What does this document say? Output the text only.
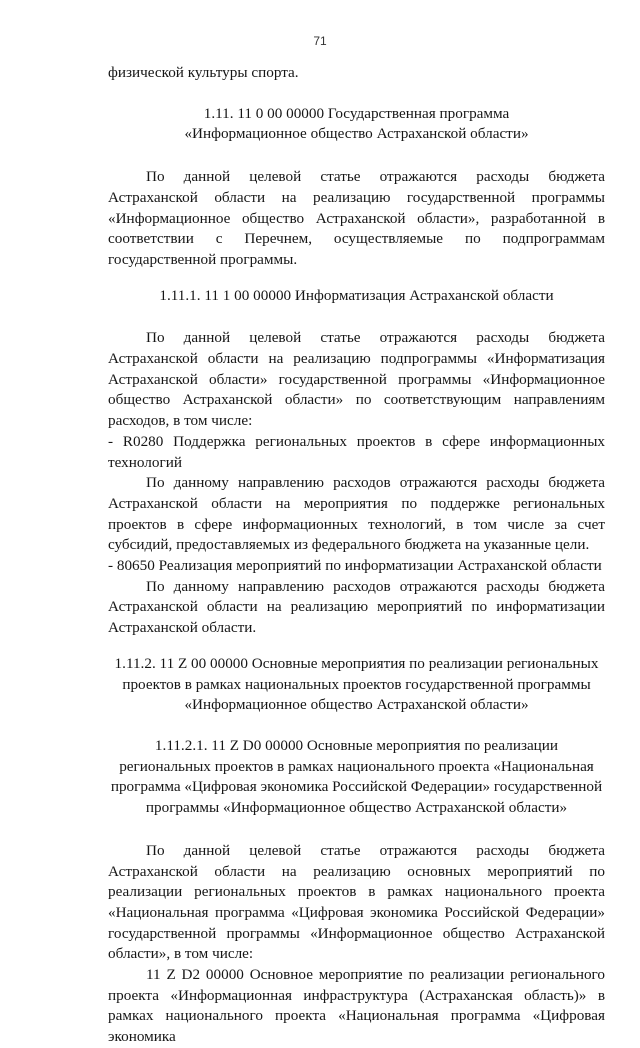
71

физической культуры спорта.

1.11. 11 0 00 00000 Государственная программа «Информационное общество Астраханской области»

По данной целевой статье отражаются расходы бюджета Астраханской области на реализацию государственной программы «Информационное общество Астраханской области», разработанной в соответствии с Перечнем, осуществляемые по подпрограммам государственной программы.

1.11.1. 11 1 00 00000 Информатизация Астраханской области

По данной целевой статье отражаются расходы бюджета Астраханской области на реализацию подпрограммы «Информатизация Астраханской области» государственной программы «Информационное общество Астраханской области» по соответствующим направлениям расходов, в том числе:

- R0280 Поддержка региональных проектов в сфере информационных технологий

По данному направлению расходов отражаются расходы бюджета Астраханской области на мероприятия по поддержке региональных проектов в сфере информационных технологий, в том числе за счет субсидий, предоставляемых из федерального бюджета на указанные цели.

- 80650 Реализация мероприятий по информатизации Астраханской области

По данному направлению расходов отражаются расходы бюджета Астраханской области на реализацию мероприятий по информатизации Астраханской области.

1.11.2. 11 Z 00 00000 Основные мероприятия по реализации региональных проектов в рамках национальных проектов государственной программы «Информационное общество Астраханской области»

1.11.2.1. 11 Z D0 00000 Основные мероприятия по реализации региональных проектов в рамках национального проекта «Национальная программа «Цифровая экономика Российской Федерации» государственной программы «Информационное общество Астраханской области»

По данной целевой статье отражаются расходы бюджета Астраханской области на реализацию основных мероприятий по реализации региональных проектов в рамках национального проекта «Национальная программа «Цифровая экономика Российской Федерации» государственной программы «Информационное общество Астраханской области», в том числе:

11 Z D2 00000 Основное мероприятие по реализации регионального проекта «Информационная инфраструктура (Астраханская область)» в рамках национального проекта «Национальная программа «Цифровая экономика
